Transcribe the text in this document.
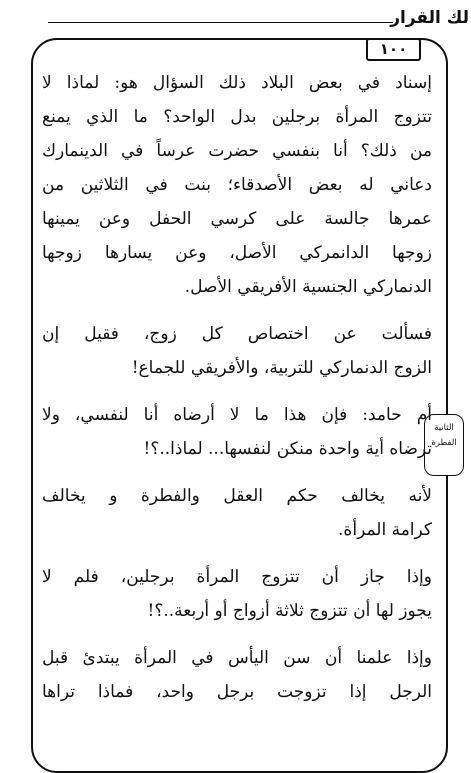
لك القرار
١٠٠
الثانية
الفطرة
إسناد في بعض البلاد ذلك السؤال هو: لماذا لا
تتزوج المرأة برجلين بدل الواحد؟ ما الذي يمنع
من ذلك؟ أنا بنفسي حضرت عرساً في الدينمارك
دعاني له بعض الأصدقاء؛ بنت في الثلاثين من
عمرها جالسة على كرسي الحفل وعن يمينها
زوجها الدانمركي الأصل، وعن يسارها زوجها
الدنماركي الجنسية الأفريقي الأصل.
فسألت عن اختصاص كل زوج، فقيل إن
الزوج الدنماركي للتربية، والأفريقي للجماع!
أم حامد: فإن هذا ما لا أرضاه أنا لنفسي، ولا
ترضاه أية واحدة منكن لنفسها... لماذا..؟!
لأنه يخالف حكم العقل والفطرة و يخالف
كرامة المرأة.
وإذا جاز أن تتزوج المرأة برجلين، فلم لا
يجوز لها أن تتزوج ثلاثة أزواج أو أربعة..؟!
وإذا علمنا أن سن اليأس في المرأة يبتدئ قبل
الرجل إذا تزوجت برجل واحد، فماذا تراها
